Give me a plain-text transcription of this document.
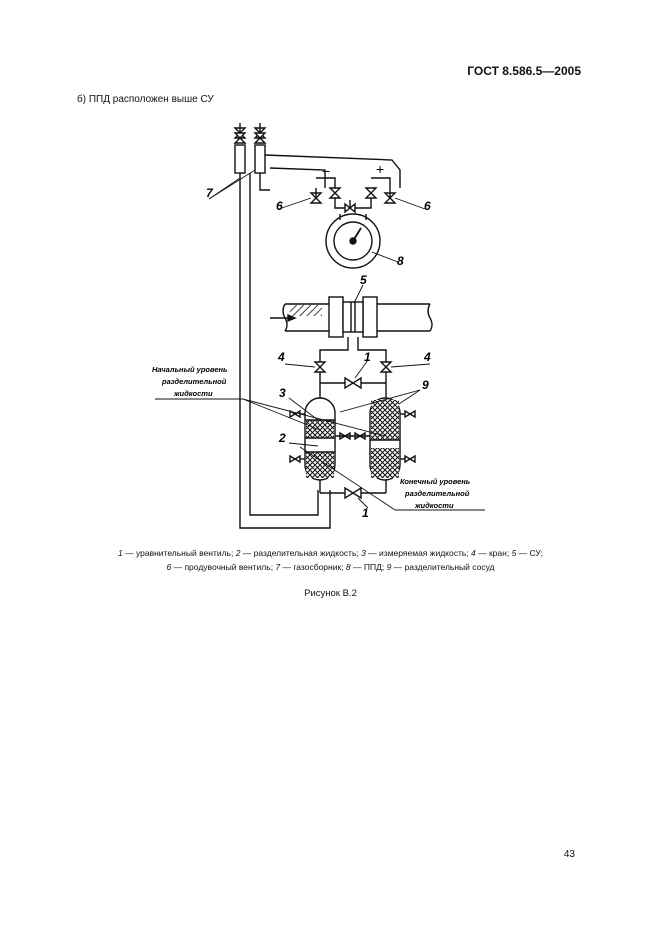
ГОСТ 8.586.5—2005
б) ППД расположен выше СУ
−	+
7
6	6
8
5
4	1	4
3
9
2
1
Начальный уровень
разделительной
жидкости
Конечный уровень
разделительной
жидкости
1 — уравнительный вентиль; 2 — разделительная жидкость; 3 — измеряемая жидкость; 4 — кран; 5 — СУ;
6 — продувочный вентиль; 7 — газосборник; 8 — ППД; 9 — разделительный сосуд
Рисунок В.2
43
